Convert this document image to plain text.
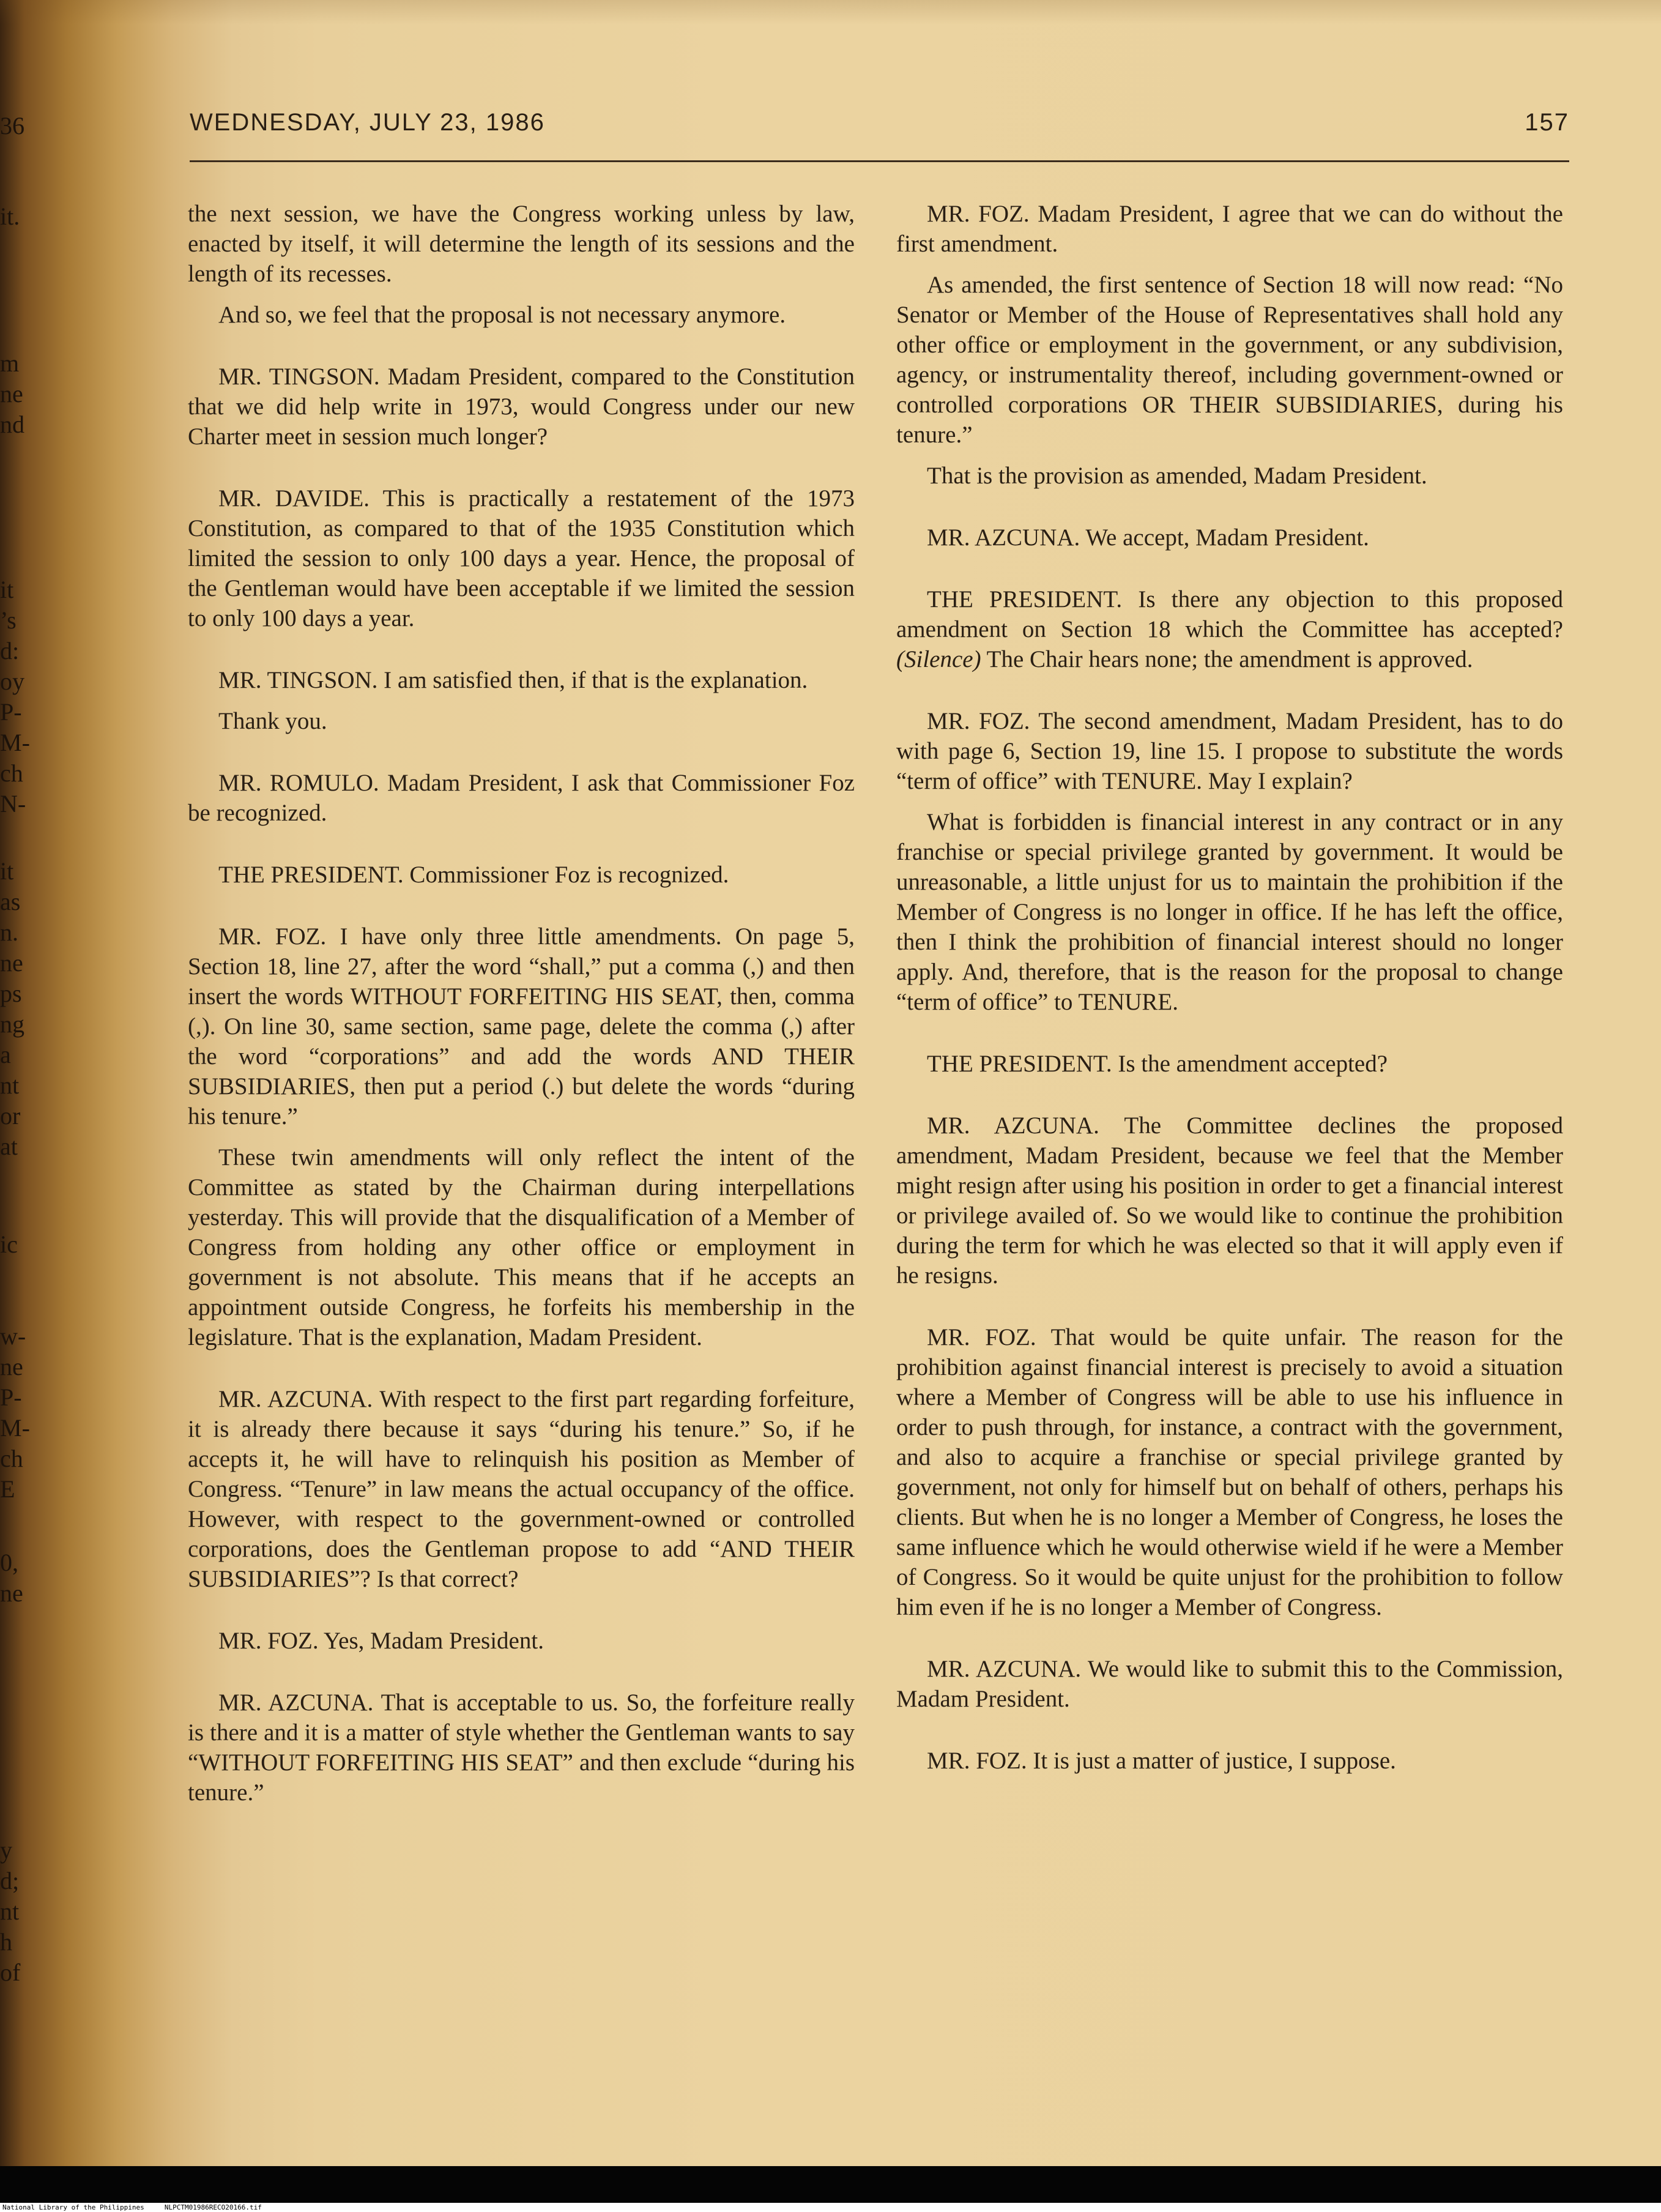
36
it.
m
ne
nd
it
’s
d:
oy
P-
M-
ch
N-
it
as
n.
ne
ps
ng
a
nt
or
at
ic
w-
ne
P-
M-
ch
E
0,
ne
y
d;
nt
h
of
WEDNESDAY, JULY 23, 1986	157

the next session, we have the Congress working unless by law, enacted by itself, it will determine the length of its sessions and the length of its recesses.

And so, we feel that the proposal is not necessary anymore.

MR. TINGSON. Madam President, compared to the Constitution that we did help write in 1973, would Congress under our new Charter meet in session much longer?

MR. DAVIDE. This is practically a restatement of the 1973 Constitution, as compared to that of the 1935 Constitution which limited the session to only 100 days a year. Hence, the proposal of the Gentleman would have been acceptable if we limited the session to only 100 days a year.

MR. TINGSON. I am satisfied then, if that is the explanation.

Thank you.

MR. ROMULO. Madam President, I ask that Commissioner Foz be recognized.

THE PRESIDENT. Commissioner Foz is recognized.

MR. FOZ. I have only three little amendments. On page 5, Section 18, line 27, after the word “shall,” put a comma (,) and then insert the words WITHOUT FORFEITING HIS SEAT, then, comma (,). On line 30, same section, same page, delete the comma (,) after the word “corporations” and add the words AND THEIR SUBSIDIARIES, then put a period (.) but delete the words “during his tenure.”

These twin amendments will only reflect the intent of the Committee as stated by the Chairman during interpellations yesterday. This will provide that the disqualification of a Member of Congress from holding any other office or employment in government is not absolute. This means that if he accepts an appointment outside Congress, he forfeits his membership in the legislature. That is the explanation, Madam President.

MR. AZCUNA. With respect to the first part regarding forfeiture, it is already there because it says “during his tenure.” So, if he accepts it, he will have to relinquish his position as Member of Congress. “Tenure” in law means the actual occupancy of the office. However, with respect to the government-owned or controlled corporations, does the Gentleman propose to add “AND THEIR SUBSIDIARIES”? Is that correct?

MR. FOZ. Yes, Madam President.

MR. AZCUNA. That is acceptable to us. So, the forfeiture really is there and it is a matter of style whether the Gentleman wants to say “WITHOUT FORFEITING HIS SEAT” and then exclude “during his tenure.”

MR. FOZ. Madam President, I agree that we can do without the first amendment.

As amended, the first sentence of Section 18 will now read: “No Senator or Member of the House of Representatives shall hold any other office or employment in the government, or any subdivision, agency, or instrumentality thereof, including government-owned or controlled corporations OR THEIR SUBSIDIARIES, during his tenure.”

That is the provision as amended, Madam President.

MR. AZCUNA. We accept, Madam President.

THE PRESIDENT. Is there any objection to this proposed amendment on Section 18 which the Committee has accepted? (Silence) The Chair hears none; the amendment is approved.

MR. FOZ. The second amendment, Madam President, has to do with page 6, Section 19, line 15. I propose to substitute the words “term of office” with TENURE. May I explain?

What is forbidden is financial interest in any contract or in any franchise or special privilege granted by government. It would be unreasonable, a little unjust for us to maintain the prohibition if the Member of Congress is no longer in office. If he has left the office, then I think the prohibition of financial interest should no longer apply. And, therefore, that is the reason for the proposal to change “term of office” to TENURE.

THE PRESIDENT. Is the amendment accepted?

MR. AZCUNA. The Committee declines the proposed amendment, Madam President, because we feel that the Member might resign after using his position in order to get a financial interest or privilege availed of. So we would like to continue the prohibition during the term for which he was elected so that it will apply even if he resigns.

MR. FOZ. That would be quite unfair. The reason for the prohibition against financial interest is precisely to avoid a situation where a Member of Congress will be able to use his influence in order to push through, for instance, a contract with the government, and also to acquire a franchise or special privilege granted by government, not only for himself but on behalf of others, perhaps his clients. But when he is no longer a Member of Congress, he loses the same influence which he would otherwise wield if he were a Member of Congress. So it would be quite unjust for the prohibition to follow him even if he is no longer a Member of Congress.

MR. AZCUNA. We would like to submit this to the Commission, Madam President.

MR. FOZ. It is just a matter of justice, I suppose.

National Library of the Philippines     NLPCTM01986RECO20166.tif
